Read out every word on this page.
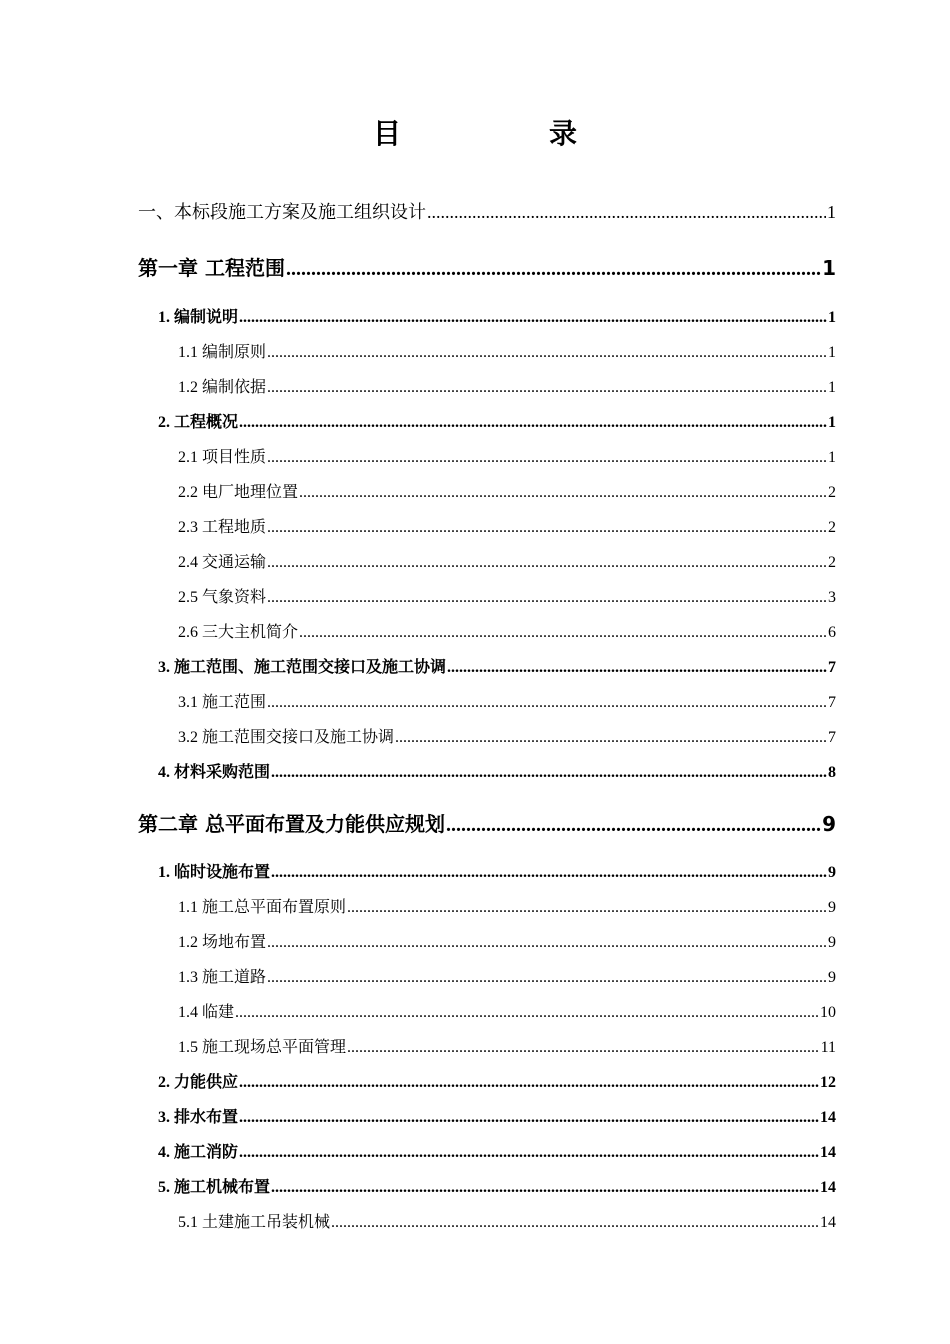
目　录
一、本标段施工方案及施工组织设计 .....	1
第一章 工程范围 .....	1
1. 编制说明 .....	1
1.1 编制原则 .....	1
1.2 编制依据 .....	1
2. 工程概况 .....	1
2.1 项目性质 .....	1
2.2 电厂地理位置 .....	2
2.3 工程地质 .....	2
2.4 交通运输 .....	2
2.5 气象资料 .....	3
2.6 三大主机简介 .....	6
3. 施工范围、施工范围交接口及施工协调 .....	7
3.1 施工范围 .....	7
3.2 施工范围交接口及施工协调 .....	7
4. 材料采购范围 .....	8
第二章 总平面布置及力能供应规划 .....	9
1. 临时设施布置 .....	9
1.1 施工总平面布置原则 .....	9
1.2 场地布置 .....	9
1.3 施工道路 .....	9
1.4 临建 .....	10
1.5 施工现场总平面管理 .....	11
2. 力能供应 .....	12
3. 排水布置 .....	14
4. 施工消防 .....	14
5. 施工机械布置 .....	14
5.1 土建施工吊装机械 .....	14
